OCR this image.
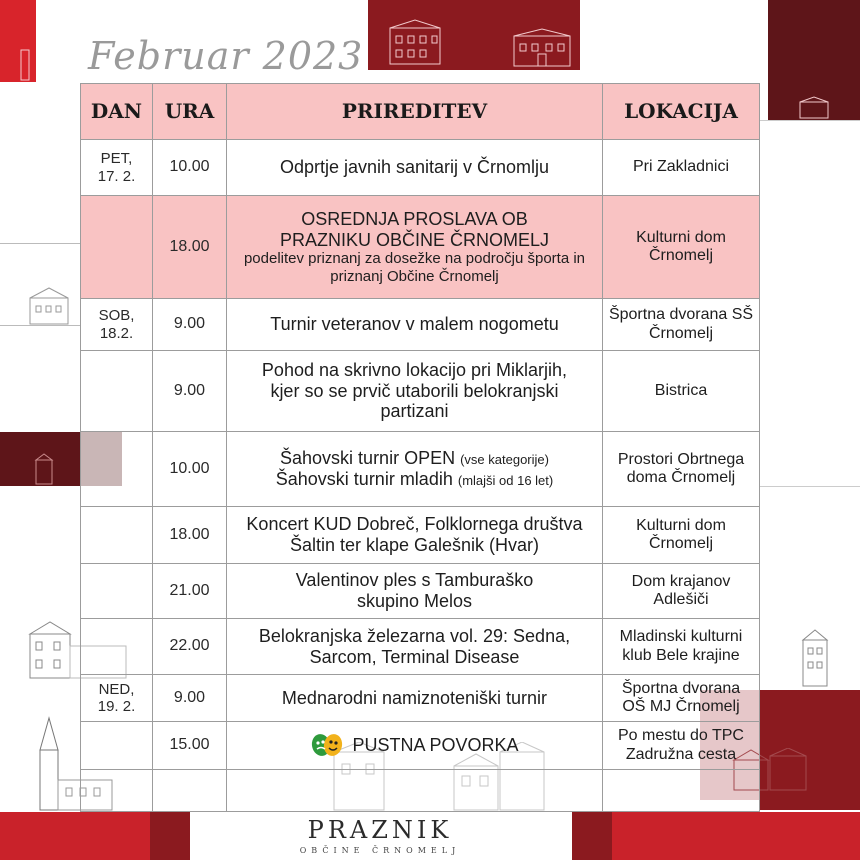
Februar 2023
DAN	URA	PRIREDITEV	LOKACIJA
PET,
17. 2.	10.00	Odprtje javnih sanitarij v Črnomlju	Pri Zakladnici
	18.00	OSREDNJA PROSLAVA OB PRAZNIKU OBČINE ČRNOMELJ
podelitev priznanj za dosežke na področju športa in priznanj Občine Črnomelj	Kulturni dom Črnomelj
SOB,
18.2.	9.00	Turnir veteranov v malem nogometu	Športna dvorana SŠ Črnomelj
	9.00	Pohod na skrivno lokacijo pri Miklarjih, kjer so se prvič utaborili belokranjski partizani	Bistrica
	10.00	Šahovski turnir OPEN (vse kategorije)
Šahovski turnir mladih (mlajši od 16 let)	Prostori Obrtnega doma Črnomelj
	18.00	Koncert KUD Dobreč, Folklornega društva Šaltin ter klape Galešnik (Hvar)	Kulturni dom Črnomelj
	21.00	Valentinov ples s Tamburaško skupino Melos	Dom krajanov Adlešiči
	22.00	Belokranjska železarna vol. 29: Sedna, Sarcom, Terminal Disease	Mladinski kulturni klub Bele krajine
NED,
19. 2.	9.00	Mednarodni namiznoteniški turnir	Športna dvorana OŠ MJ Črnomelj
	15.00	PUSTNA POVORKA	Po mestu do TPC Zadružna cesta

PRAZNIK
OBČINE ČRNOMELJ
